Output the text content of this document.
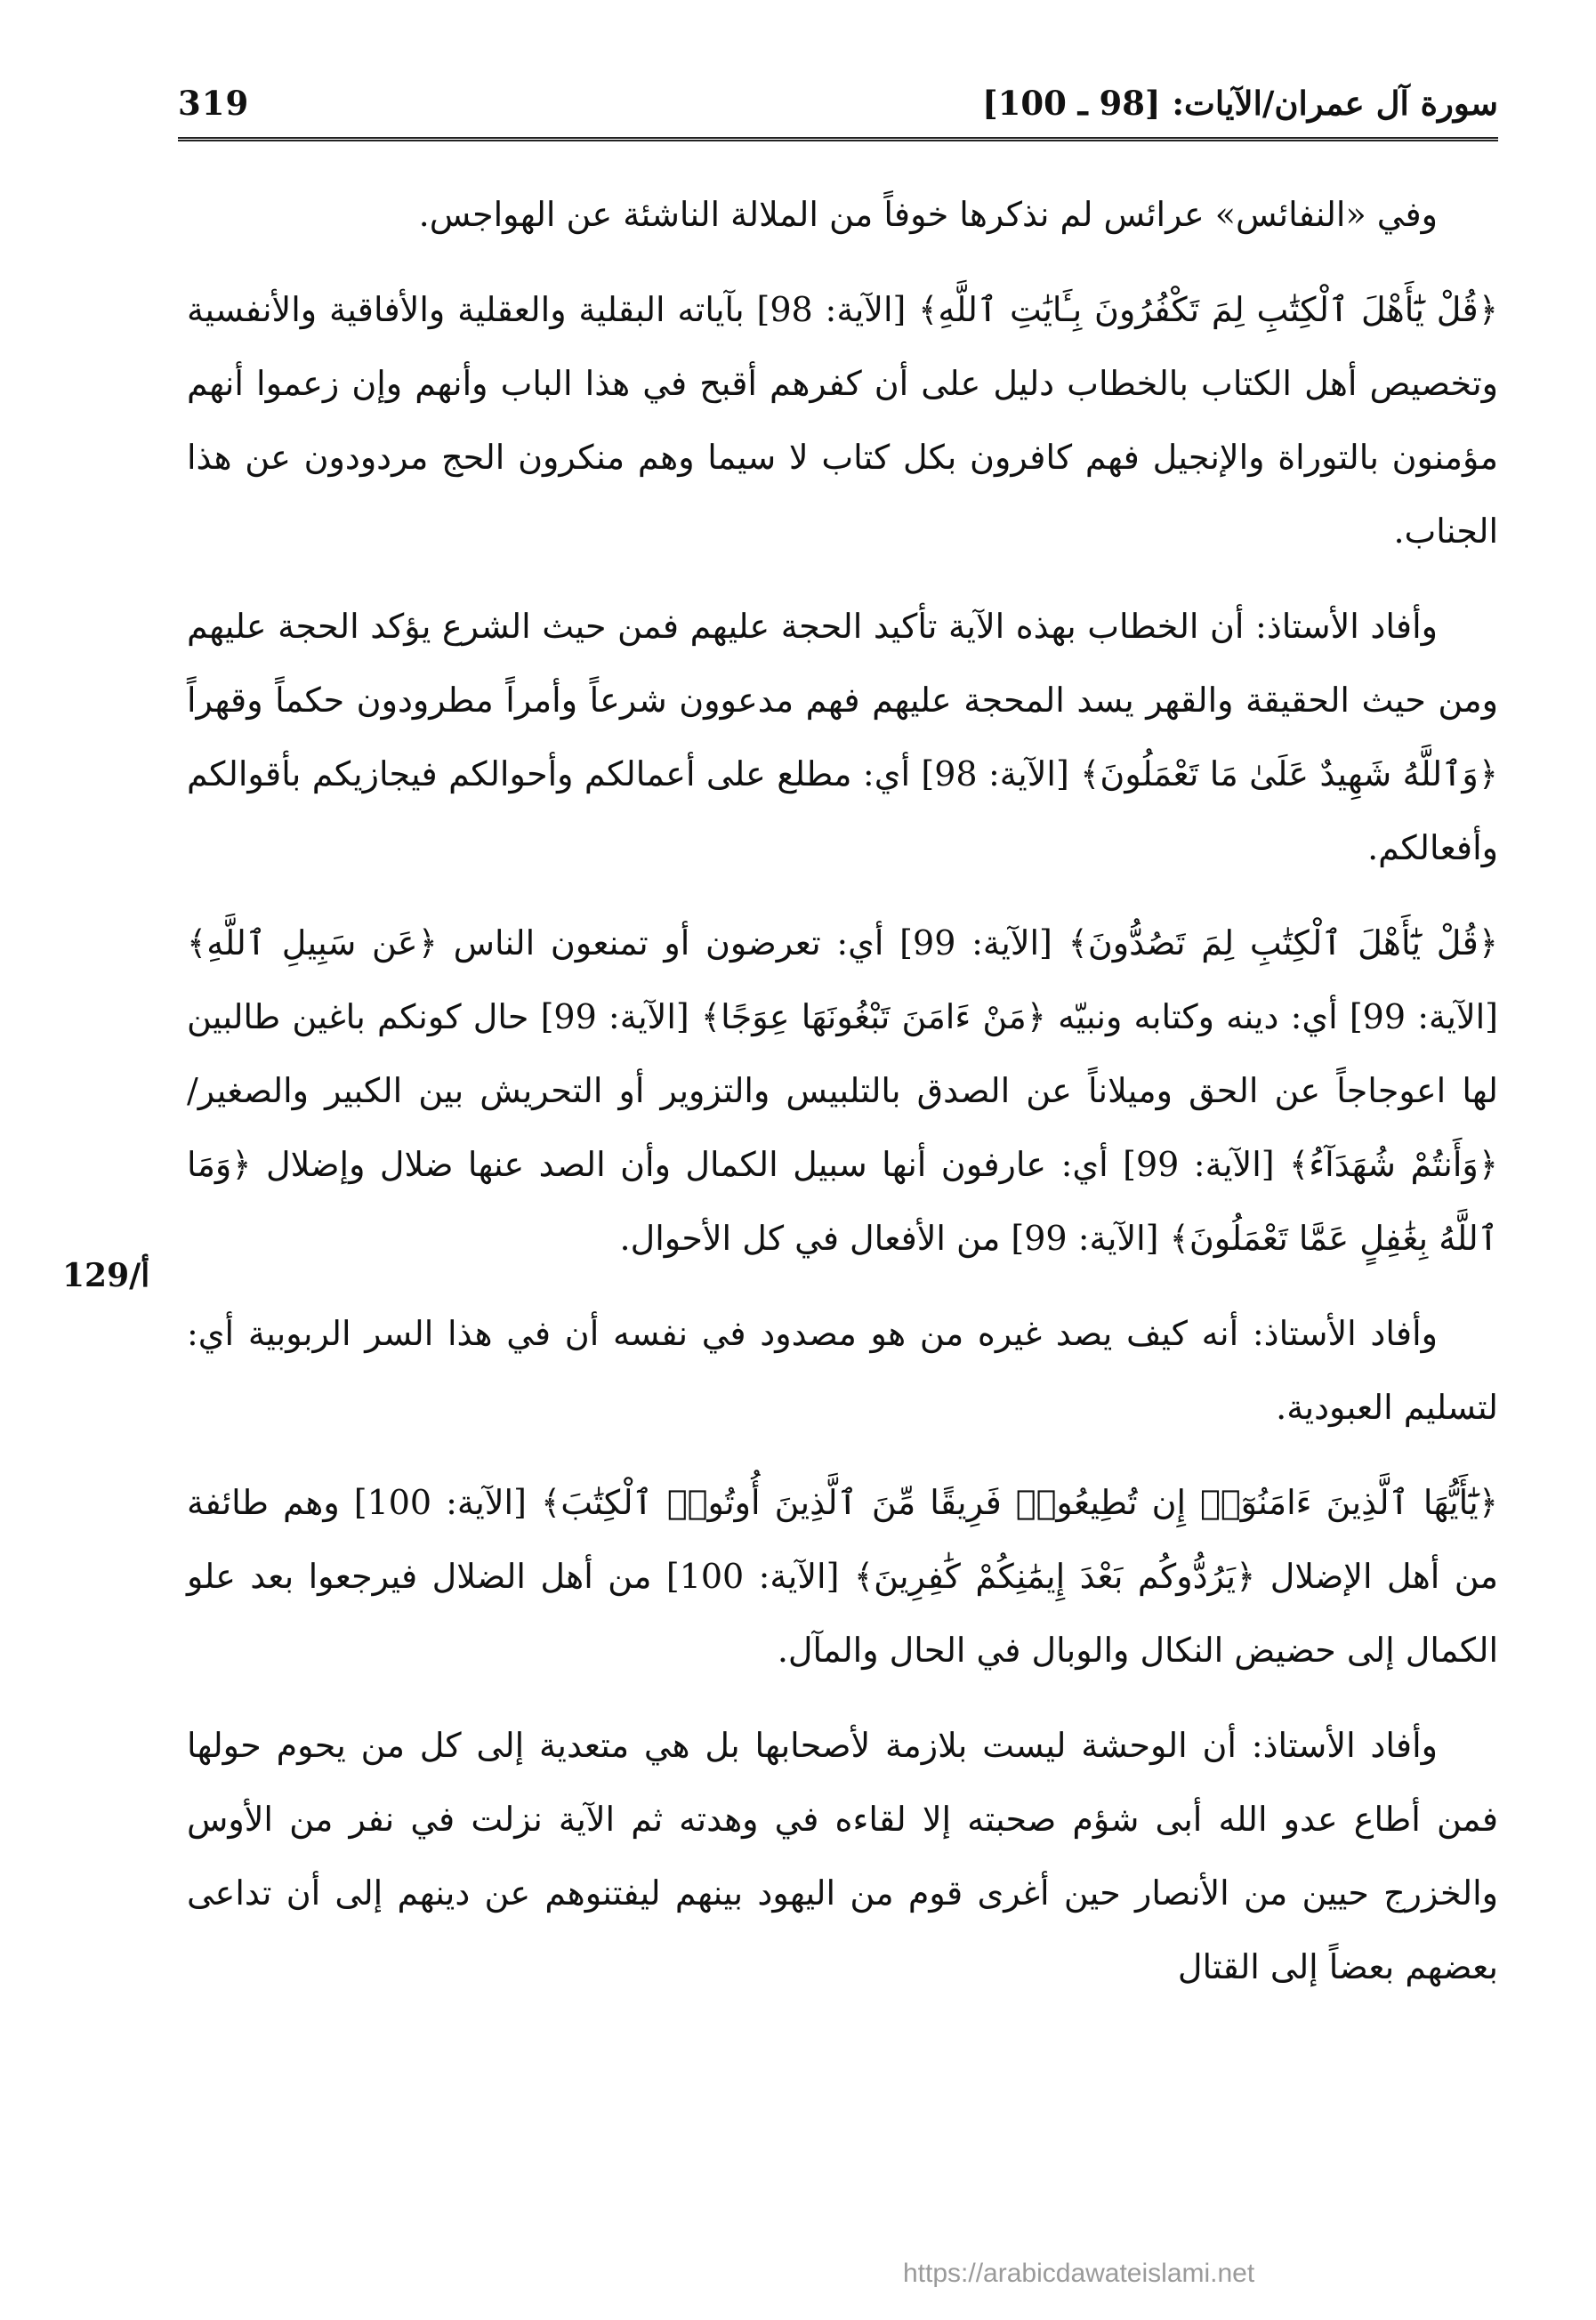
سورة آل عمران/الآيات: [98 ـ 100]
319

وفي «النفائس» عرائس لم نذكرها خوفاً من الملالة الناشئة عن الهواجس.

﴿قُلْ يَٰٓأَهْلَ ٱلْكِتَٰبِ لِمَ تَكْفُرُونَ بِـَٔايَٰتِ ٱللَّهِ﴾ [الآية: 98] بآياته البقلية والعقلية والأفاقية والأنفسية وتخصيص أهل الكتاب بالخطاب دليل على أن كفرهم أقبح في هذا الباب وأنهم وإن زعموا أنهم مؤمنون بالتوراة والإنجيل فهم كافرون بكل كتاب لا سيما وهم منكرون الحج مردودون عن هذا الجناب.

وأفاد الأستاذ: أن الخطاب بهذه الآية تأكيد الحجة عليهم فمن حيث الشرع يؤكد الحجة عليهم ومن حيث الحقيقة والقهر يسد المحجة عليهم فهم مدعوون شرعاً وأمراً مطرودون حكماً وقهراً ﴿وَٱللَّهُ شَهِيدٌ عَلَىٰ مَا تَعْمَلُونَ﴾ [الآية: 98] أي: مطلع على أعمالكم وأحوالكم فيجازيكم بأقوالكم وأفعالكم.

﴿قُلْ يَٰٓأَهْلَ ٱلْكِتَٰبِ لِمَ تَصُدُّونَ﴾ [الآية: 99] أي: تعرضون أو تمنعون الناس ﴿عَن سَبِيلِ ٱللَّهِ﴾ [الآية: 99] أي: دينه وكتابه ونبيّه ﴿مَنْ ءَامَنَ تَبْغُونَهَا عِوَجًا﴾ [الآية: 99] حال كونكم باغين طالبين لها اعوجاجاً عن الحق وميلاناً عن الصدق بالتلبيس والتزوير أو التحريش بين الكبير والصغير/ ﴿وَأَنتُمْ شُهَدَآءُ﴾ [الآية: 99] أي: عارفون أنها سبيل الكمال وأن الصد عنها ضلال وإضلال ﴿وَمَا ٱللَّهُ بِغَٰفِلٍ عَمَّا تَعْمَلُونَ﴾ [الآية: 99] من الأفعال في كل الأحوال.

وأفاد الأستاذ: أنه كيف يصد غيره من هو مصدود في نفسه أن في هذا السر الربوبية أي: لتسليم العبودية.

﴿يَٰٓأَيُّهَا ٱلَّذِينَ ءَامَنُوٓا۟ إِن تُطِيعُوا۟ فَرِيقًا مِّنَ ٱلَّذِينَ أُوتُوا۟ ٱلْكِتَٰبَ﴾ [الآية: 100] وهم طائفة من أهل الإضلال ﴿يَرُدُّوكُم بَعْدَ إِيمَٰنِكُمْ كَٰفِرِينَ﴾ [الآية: 100] من أهل الضلال فيرجعوا بعد علو الكمال إلى حضيض النكال والوبال في الحال والمآل.

وأفاد الأستاذ: أن الوحشة ليست بلازمة لأصحابها بل هي متعدية إلى كل من يحوم حولها فمن أطاع عدو الله أبى شؤم صحبته إلا لقاءه في وهدته ثم الآية نزلت في نفر من الأوس والخزرج حيين من الأنصار حين أغرى قوم من اليهود بينهم ليفتنوهم عن دينهم إلى أن تداعى بعضهم بعضاً إلى القتال

129/أ
https://arabicdawateislami.net
